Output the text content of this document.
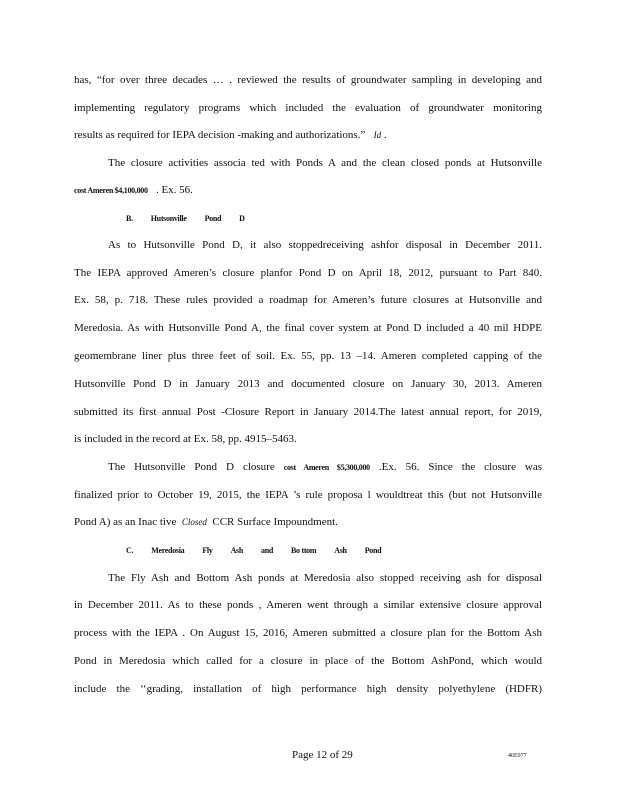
has, “for over three decades … . reviewed the results of groundwater sampling in developing and
implementing regulatory programs which included the evaluation of groundwater monitoring
results as required for IEPA decision -making and authorizations.” Id .
The closure activities associa ted with Ponds A and the clean closed ponds at Hutsonville
cost Ameren $4,100,000 . Ex. 56.
B. Hutsonville Pond D
As to Hutsonville Pond D, it also stoppedreceiving ashfor disposal in December 2011.
The IEPA approved Ameren’s closure planfor Pond D on April 18, 2012, pursuant to Part 840.
Ex. 58, p. 718. These rules provided a roadmap for Ameren’s future closures at Hutsonville and
Meredosia. As with Hutsonville Pond A, the final cover system at Pond D included a 40 mil HDPE
geomembrane liner plus three feet of soil. Ex. 55, pp. 13 –14. Ameren completed capping of the
Hutsonville Pond D in January 2013 and documented closure on January 30, 2013. Ameren
submitted its first annual Post -Closure Report in January 2014.The latest annual report, for 2019,
is included in the record at Ex. 58, pp. 4915–5463.
The Hutsonville Pond D closure cost Ameren $5,300,000 .Ex. 56. Since the closure was
finalized prior to October 19, 2015, the IEPA ’s rule proposa l wouldtreat this (but not Hutsonville
Pond A) as an Inac tive Closed CCR Surface Impoundment.
C. Meredosia Fly Ash and Bo ttom Ash Pond
The Fly Ash and Bottom Ash ponds at Meredosia also stopped receiving ash for disposal
in December 2011. As to these ponds , Ameren went through a similar extensive closure approval
process with the IEPA . On August 15, 2016, Ameren submitted a closure plan for the Bottom Ash
Pond in Meredosia which called for a closure in place of the Bottom AshPond, which would
include the ‘‘grading, installation of high performance high density polyethylene (HDFR)
Page 12 of 29	46E977
